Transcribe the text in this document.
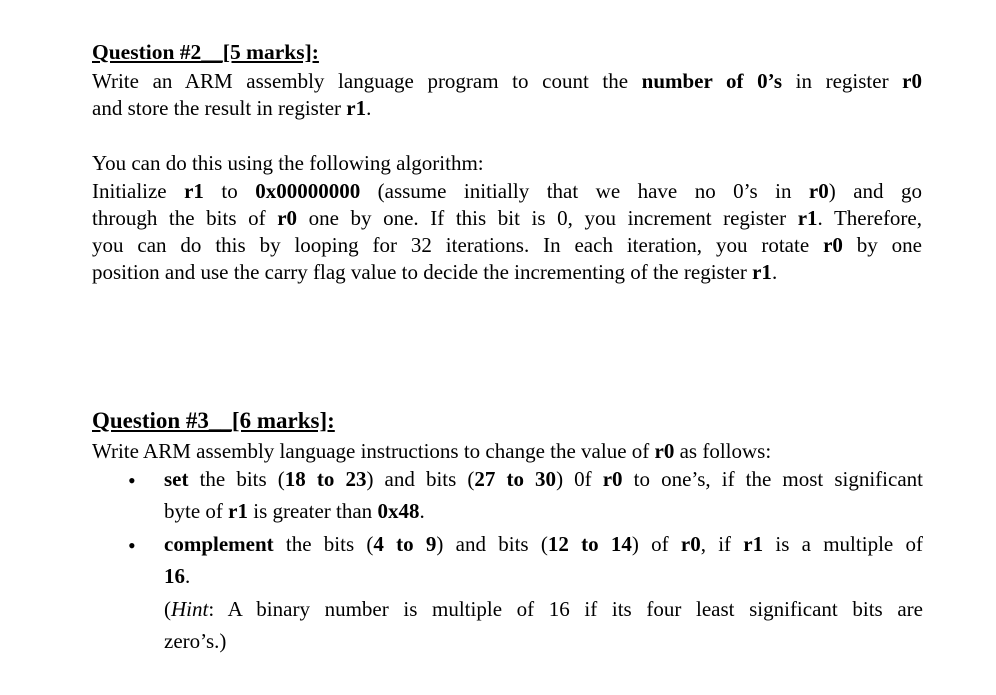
Question #2__[5 marks]:
Write an ARM assembly language program to count the number of 0’s in register r0
and store the result in register r1.
You can do this using the following algorithm:
Initialize r1 to 0x00000000 (assume initially that we have no 0’s in r0) and go
through the bits of r0 one by one. If this bit is 0, you increment register r1. Therefore,
you can do this by looping for 32 iterations. In each iteration, you rotate r0 by one
position and use the carry flag value to decide the incrementing of the register r1.
Question #3__[6 marks]:
Write ARM assembly language instructions to change the value of r0 as follows:
• set the bits (18 to 23) and bits (27 to 30) 0f r0 to one’s, if the most significant
byte of r1 is greater than 0x48.
• complement the bits (4 to 9) and bits (12 to 14) of r0, if r1 is a multiple of
16.
(Hint: A binary number is multiple of 16 if its four least significant bits are
zero’s.)
